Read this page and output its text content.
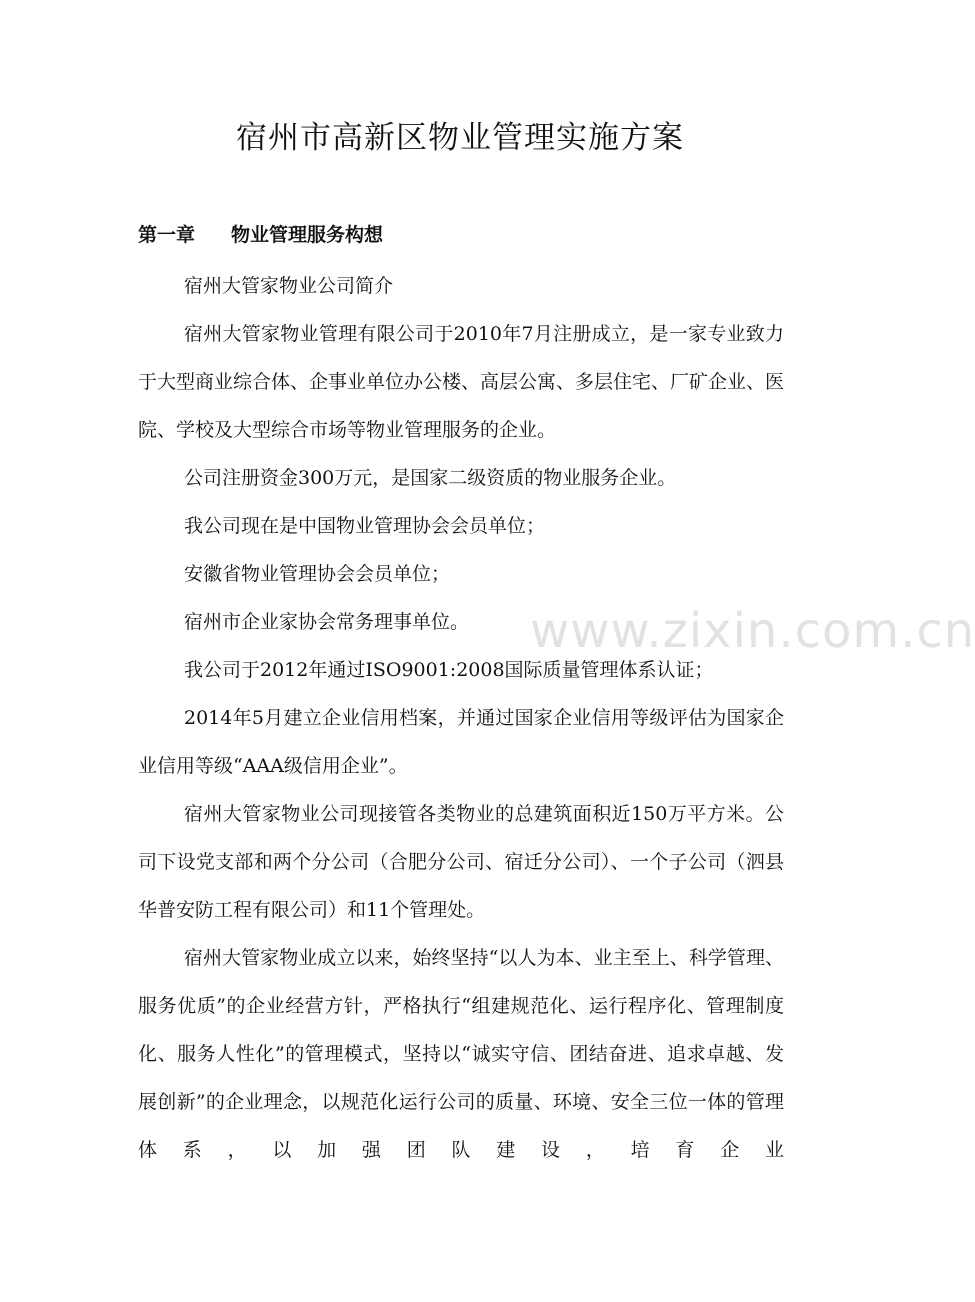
宿州市高新区物业管理实施方案
第一章 物业管理服务构想

宿州大管家物业公司简介

宿州大管家物业管理有限公司于2010年7月注册成立，是一家专业致力于大型商业综合体、企事业单位办公楼、高层公寓、多层住宅、厂矿企业、医院、学校及大型综合市场等物业管理服务的企业。

公司注册资金300万元，是国家二级资质的物业服务企业。

我公司现在是中国物业管理协会会员单位；

安徽省物业管理协会会员单位；

宿州市企业家协会常务理事单位。

我公司于2012年通过ISO9001:2008国际质量管理体系认证；

2014年5月建立企业信用档案，并通过国家企业信用等级评估为国家企业信用等级“AAA级信用企业”。

宿州大管家物业公司现接管各类物业的总建筑面积近150万平方米。公司下设党支部和两个分公司（合肥分公司、宿迁分公司）、一个子公司（泗县华普安防工程有限公司）和11个管理处。

宿州大管家物业成立以来，始终坚持“以人为本、业主至上、科学管理、服务优质”的企业经营方针，严格执行“组建规范化、运行程序化、管理制度化、服务人性化”的管理模式，坚持以“诚实守信、团结奋进、追求卓越、发展创新”的企业理念，以规范化运行公司的质量、环境、安全三位一体的管理体系，以加强团队建设，培育企业

www.zixin.com.cn
